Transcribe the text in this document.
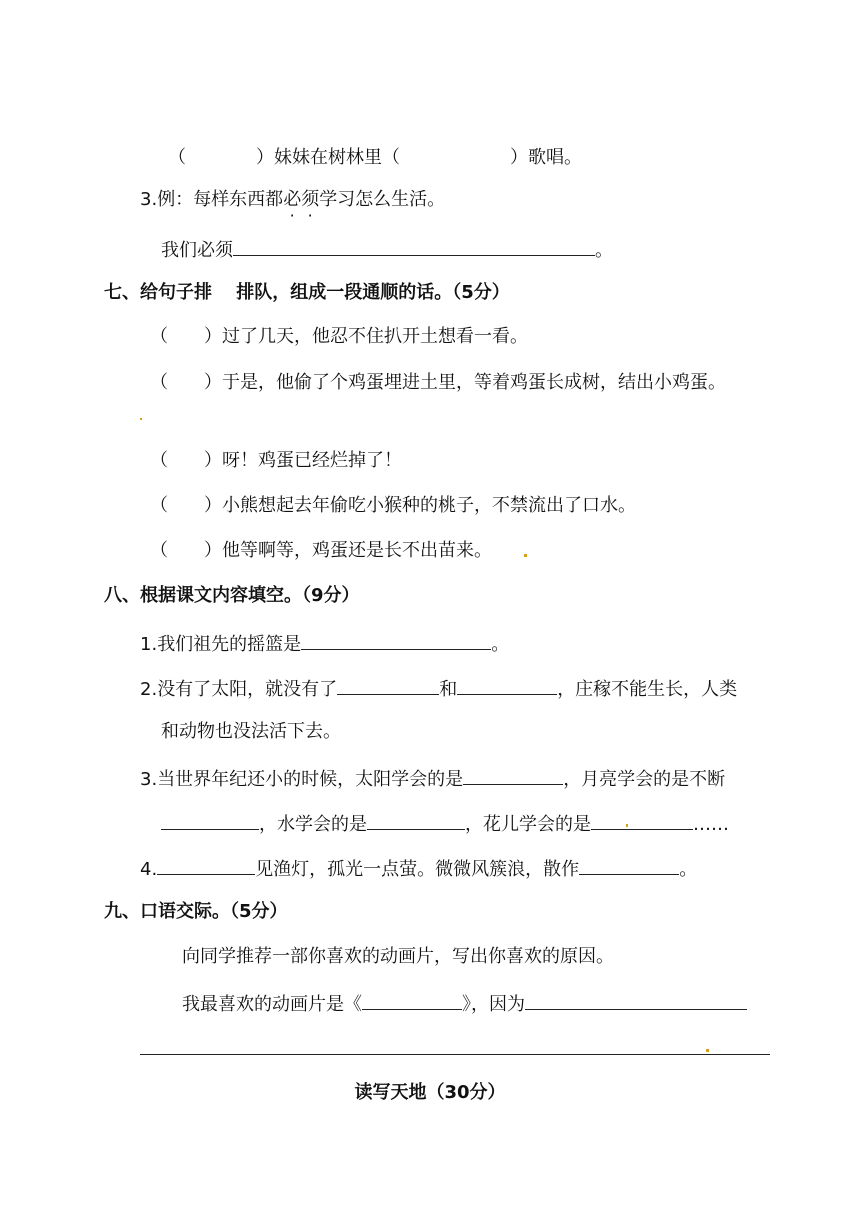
（	）妹妹在树林里（	）歌唱。
3.例：每样东西都必须学习怎么生活。
我们必须	。
七、给句子排　 排队，组成一段通顺的话。（5分）
（　　）过了几天，他忍不住扒开土想看一看。
（　　）于是，他偷了个鸡蛋埋进土里，等着鸡蛋长成树，结出小鸡蛋。
（　　）呀！鸡蛋已经烂掉了！
（　　）小熊想起去年偷吃小猴种的桃子，不禁流出了口水。
（　　）他等啊等，鸡蛋还是长不出苗来。
八、根据课文内容填空。（9分）
1.我们祖先的摇篮是	。
2.没有了太阳，就没有了	和	，庄稼不能生长，人类
和动物也没法活下去。
3.当世界年纪还小的时候，太阳学会的是	，月亮学会的是不断
，水学会的是	，花儿学会的是	……
4.	见渔灯，孤光一点萤。微微风簇浪，散作	。
九、口语交际。（5分）
向同学推荐一部你喜欢的动画片，写出你喜欢的原因。
我最喜欢的动画片是《	》，因为
读写天地（30分）
